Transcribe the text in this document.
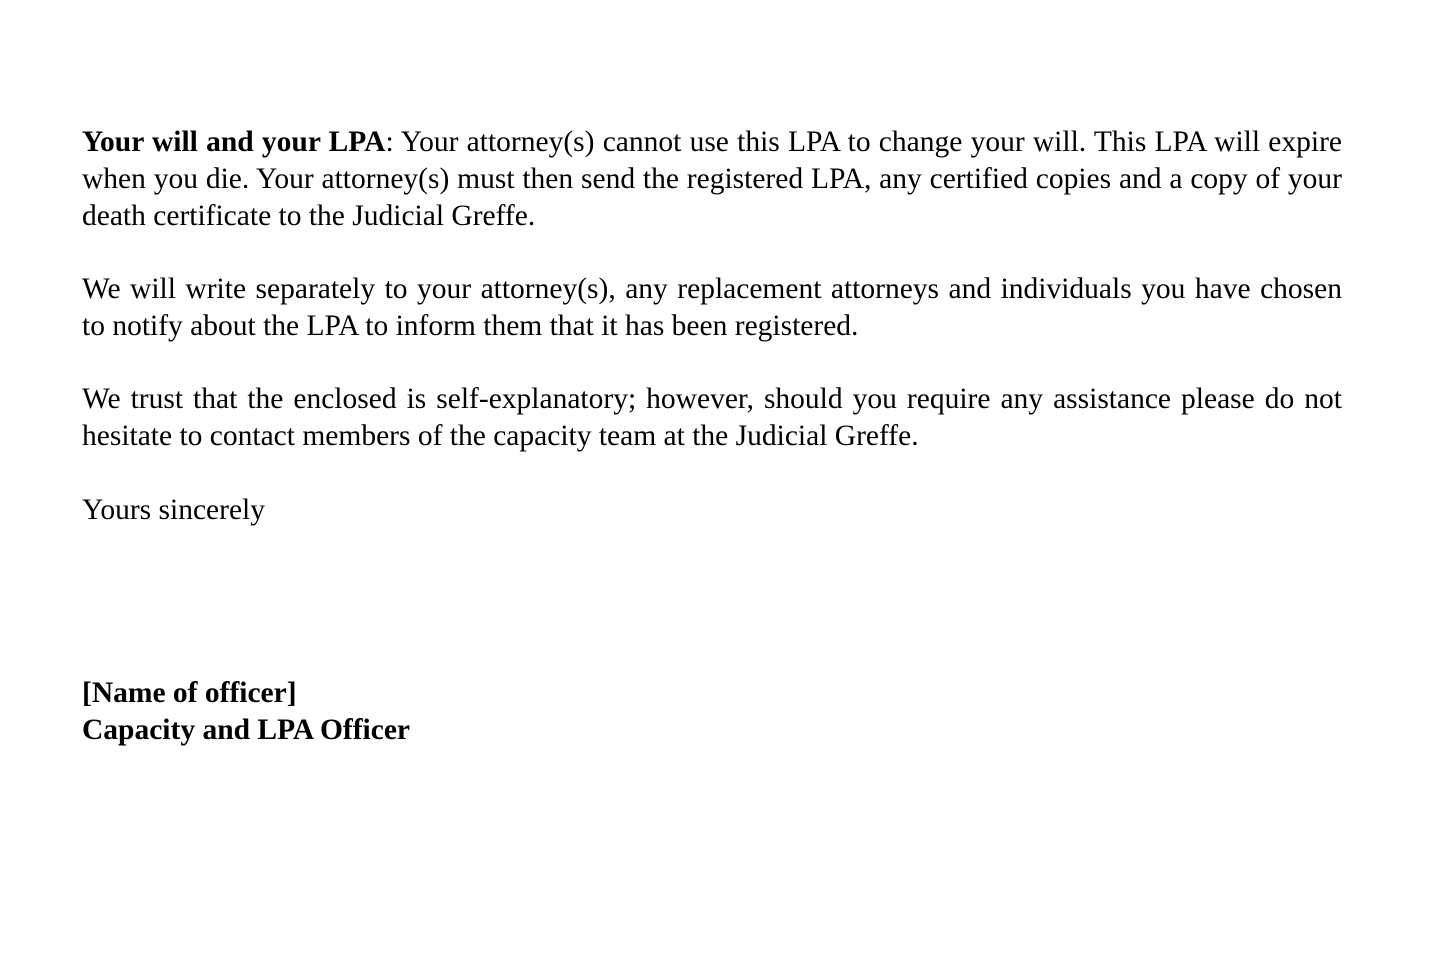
Your will and your LPA: Your attorney(s) cannot use this LPA to change your will. This LPA will expire when you die. Your attorney(s) must then send the registered LPA, any certified copies and a copy of your death certificate to the Judicial Greffe.

We will write separately to your attorney(s), any replacement attorneys and individuals you have chosen to notify about the LPA to inform them that it has been registered.

We trust that the enclosed is self-explanatory; however, should you require any assistance please do not hesitate to contact members of the capacity team at the Judicial Greffe.

Yours sincerely

[Name of officer]
Capacity and LPA Officer
